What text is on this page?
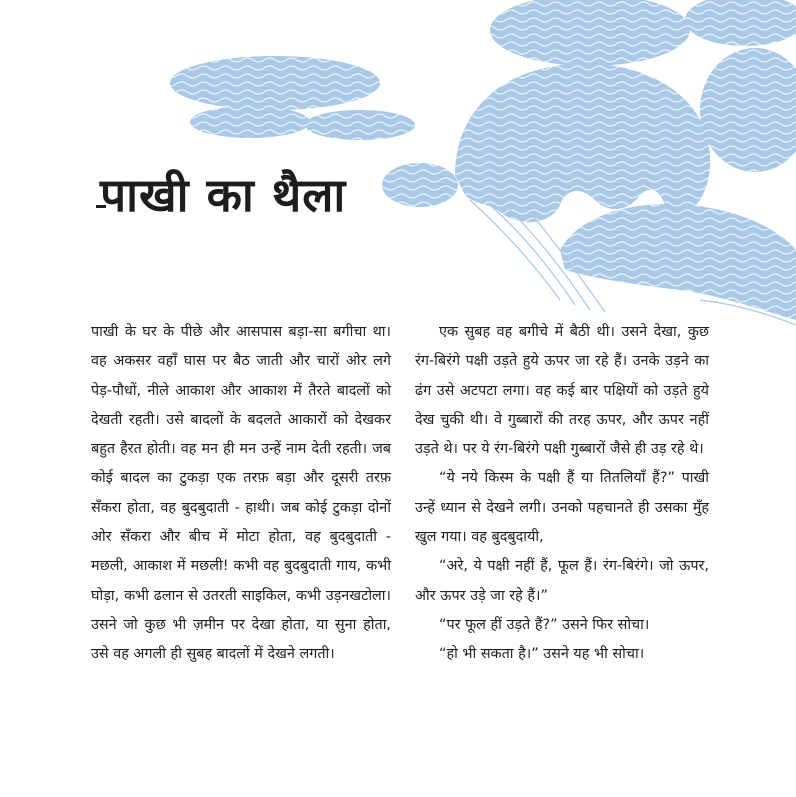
पाखी का थैला

पाखी के घर के पीछे और आसपास बड़ा-सा बगीचा था। वह अकसर वहाँ घास पर बैठ जाती और चारों ओर लगे पेड़-पौधों, नीले आकाश और आकाश में तैरते बादलों को देखती रहती। उसे बादलों के बदलते आकारों को देखकर बहुत हैरत होती। वह मन ही मन उन्हें नाम देती रहती। जब कोई बादल का टुकड़ा एक तरफ़ बड़ा और दूसरी तरफ़ सँकरा होता, वह बुदबुदाती - हाथी। जब कोई टुकड़ा दोनों ओर सँकरा और बीच में मोटा होता, वह बुदबुदाती - मछली, आकाश में मछली! कभी वह बुदबुदाती गाय, कभी घोड़ा, कभी ढलान से उतरती साइकिल, कभी उड़नखटोला। उसने जो कुछ भी ज़मीन पर देखा होता, या सुना होता, उसे वह अगली ही सुबह बादलों में देखने लगती।

एक सुबह वह बगीचे में बैठी थी। उसने देखा, कुछ रंग-बिरंगे पक्षी उड़ते हुये ऊपर जा रहे हैं। उनके उड़ने का ढंग उसे अटपटा लगा। वह कई बार पक्षियों को उड़ते हुये देख चुकी थी। वे गुब्बारों की तरह ऊपर, और ऊपर नहीं उड़ते थे। पर ये रंग-बिरंगे पक्षी गुब्बारों जैसे ही उड़ रहे थे।

“ये नये किस्म के पक्षी हैं या तितलियाँ हैं?” पाखी उन्हें ध्यान से देखने लगी। उनको पहचानते ही उसका मुँह खुल गया। वह बुदबुदायी,

“अरे, ये पक्षी नहीं हैं, फूल हैं। रंग-बिरंगे। जो ऊपर, और ऊपर उड़े जा रहे हैं।”

“पर फूल हीं उड़ते हैं?” उसने फिर सोचा।

“हो भी सकता है।” उसने यह भी सोचा।
